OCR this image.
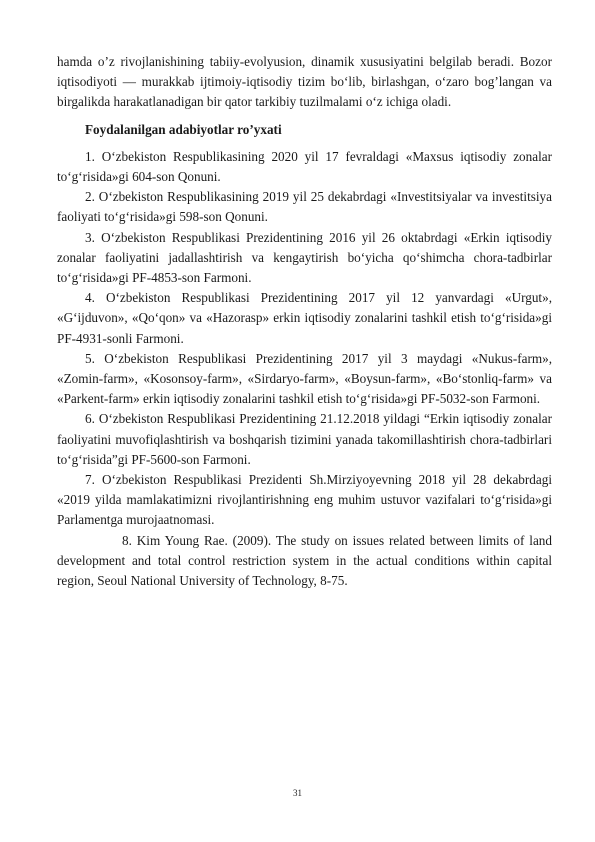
hamda o’z rivojlanishining tabiiy-evolyusion, dinamik xususiyatini belgilab beradi. Bozor iqtisodiyoti — murakkab ijtimoiy-iqtisodiy tizim bo‘lib, birlashgan, o‘zaro bog’langan va birgalikda harakatlanadigan bir qator tarkibiy tuzilmalami o‘z ichiga oladi.

Foydalanilgan adabiyotlar ro’yxati

1. O‘zbekiston Respublikasining 2020 yil 17 fevraldagi «Maxsus iqtisodiy zonalar to‘g‘risida»gi 604-son Qonuni.

2. O‘zbekiston Respublikasining 2019 yil 25 dekabrdagi «Investitsiyalar va investitsiya faoliyati to‘g‘risida»gi 598-son Qonuni.

3. O‘zbekiston Respublikasi Prezidentining 2016 yil 26 oktabrdagi «Erkin iqtisodiy zonalar faoliyatini jadallashtirish va kengaytirish bo‘yicha qo‘shimcha chora-tadbirlar to‘g‘risida»gi PF-4853-son Farmoni.

4. O‘zbekiston Respublikasi Prezidentining 2017 yil 12 yanvardagi «Urgut», «G‘ijduvon», «Qo‘qon» va «Hazorasp» erkin iqtisodiy zonalarini tashkil etish to‘g‘risida»gi PF-4931-sonli Farmoni.

5. O‘zbekiston Respublikasi Prezidentining 2017 yil 3 maydagi «Nukus-farm», «Zomin-farm», «Kosonsoy-farm», «Sirdaryo-farm», «Boysun-farm», «Bo‘stonliq-farm» va «Parkent-farm» erkin iqtisodiy zonalarini tashkil etish to‘g‘risida»gi PF-5032-son Farmoni.

6. O‘zbekiston Respublikasi Prezidentining 21.12.2018 yildagi “Erkin iqtisodiy zonalar faoliyatini muvofiqlashtirish va boshqarish tizimini yanada takomillashtirish chora-tadbirlari to‘g‘risida”gi PF-5600-son Farmoni.

7. O‘zbekiston Respublikasi Prezidenti Sh.Mirziyoyevning 2018 yil 28 dekabrdagi «2019 yilda mamlakatimizni rivojlantirishning eng muhim ustuvor vazifalari to‘g‘risida»gi Parlamentga murojaatnomasi.

8. Kim Young Rae. (2009). The study on issues related between limits of land development and total control restriction system in the actual conditions within capital region, Seoul National University of Technology, 8-75.

31
